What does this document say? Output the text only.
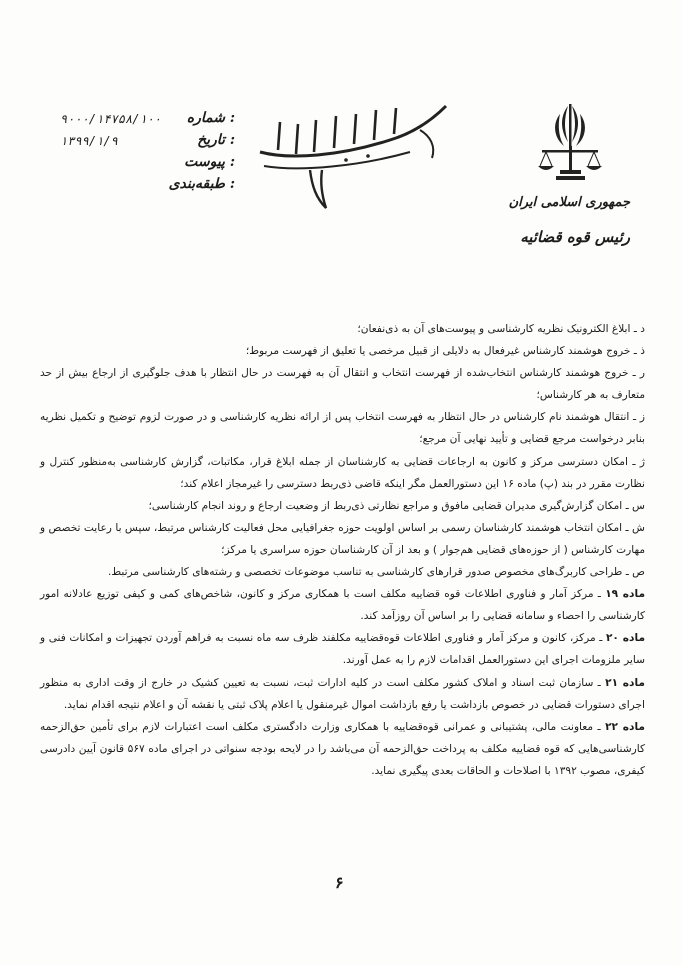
جمهوری اسلامی ایران
رئیس قوه قضائیه
شماره :
۹۰۰۰/۱۴۷۵۸/۱۰۰
تاریخ :
۱۳۹۹/۱/۹
پیوست :
طبقه‌بندی :

د ـ ابلاغ الکترونیک نظریه کارشناسی و پیوست‌های آن به ذی‌نفعان؛

ذ ـ خروج هوشمند کارشناس غیرفعال به دلایلی از قبیل مرخصی یا تعلیق از فهرست مربوط؛

ر ـ خروج هوشمند کارشناس انتخاب‌شده از فهرست انتخاب و انتقال آن به فهرست در حال انتظار با هدف جلوگیری از ارجاع بیش از حد متعارف به هر کارشناس؛

ز ـ انتقال هوشمند نام کارشناس در حال انتظار به فهرست انتخاب پس از ارائه نظریه کارشناسی و در صورت لزوم توضیح و تکمیل نظریه بنابر درخواست مرجع قضایی و تأیید نهایی آن مرجع؛

ژ ـ امکان دسترسی مرکز و کانون به ارجاعات قضایی به کارشناسان از جمله ابلاغ قرار، مکاتبات، گزارش کارشناسی به‌منظور کنترل و نظارت مقرر در بند (پ) ماده ۱۶ این دستورالعمل مگر اینکه قاضی ذی‌ربط دسترسی را غیرمجاز اعلام کند؛

س ـ امکان گزارش‌گیری مدیران قضایی مافوق و مراجع نظارتی ذی‌ربط از وضعیت ارجاع و روند انجام کارشناسی؛

ش ـ امکان انتخاب هوشمند کارشناسان رسمی بر اساس اولویت حوزه جغرافیایی محل فعالیت کارشناس مرتبط، سپس با رعایت تخصص و مهارت کارشناس ( از حوزه‌های قضایی هم‌جوار ) و بعد از آن کارشناسان حوزه سراسری یا مرکز؛

ص ـ طراحی کاربرگ‌های مخصوص صدور قرارهای کارشناسی به تناسب موضوعات تخصصی و رشته‌های کارشناسی مرتبط.

ماده ۱۹ ـ مرکز آمار و فناوری اطلاعات قوه قضاییه مکلف است با همکاری مرکز و کانون، شاخص‌های کمی و کیفی توزیع عادلانه امور کارشناسی را احصاء و سامانه قضایی را بر اساس آن روزآمد کند.

ماده ۲۰ ـ مرکز، کانون و مرکز آمار و فناوری اطلاعات قوه‌قضاییه مکلفند ظرف سه ماه نسبت به فراهم آوردن تجهیزات و امکانات فنی و سایر ملزومات اجرای این دستورالعمل اقدامات لازم را به عمل آورند.

ماده ۲۱ ـ سازمان ثبت اسناد و املاک کشور مکلف است در کلیه ادارات ثبت، نسبت به تعیین کشیک در خارج از وقت اداری به منظور اجرای دستورات قضایی در خصوص بازداشت یا رفع بازداشت اموال غیرمنقول یا اعلام پلاک ثبتی یا نقشه آن و اعلام نتیجه اقدام نماید.

ماده ۲۲ ـ معاونت مالی، پشتیبانی و عمرانی قوه‌قضاییه با همکاری وزارت دادگستری مکلف است اعتبارات لازم برای تأمین حق‌الزحمه کارشناسی‌هایی که قوه قضاییه مکلف به پرداخت حق‌الزحمه آن می‌باشد را در لایحه بودجه سنواتی در اجرای ماده ۵۶۷ قانون آیین دادرسی کیفری، مصوب ۱۳۹۲ با اصلاحات و الحاقات بعدی پیگیری نماید.

۶
